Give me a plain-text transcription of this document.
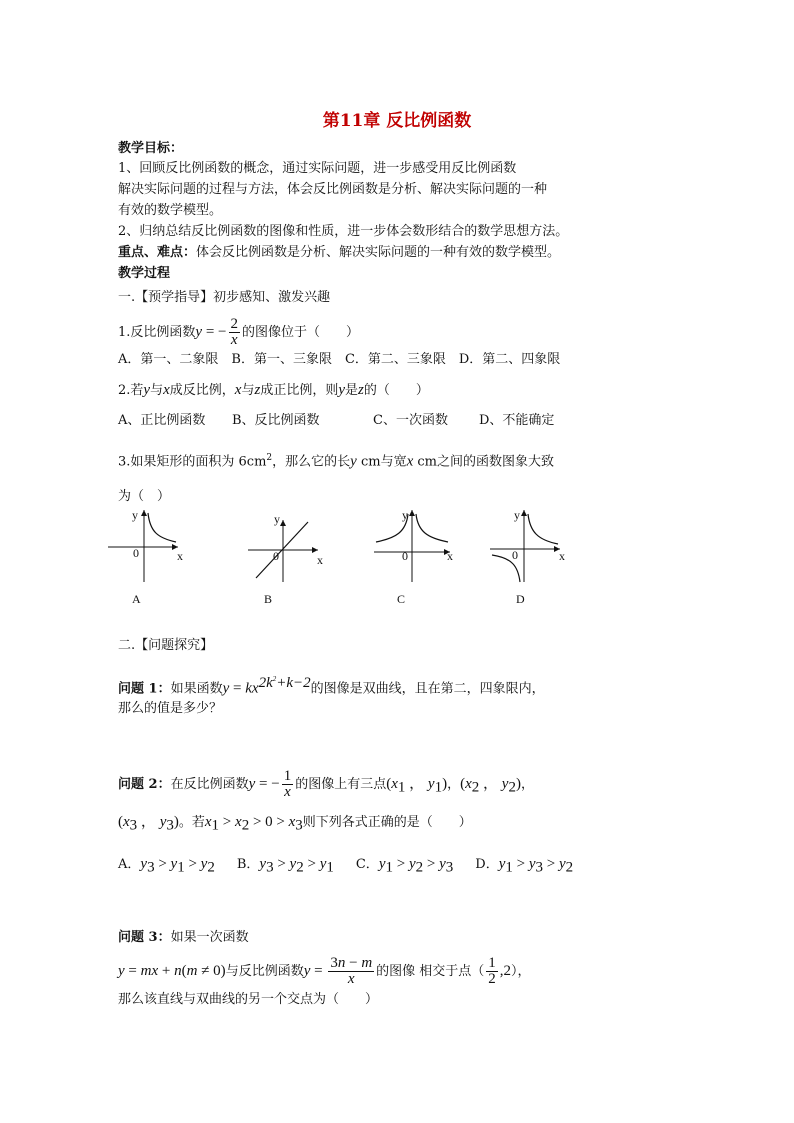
第11章 反比例函数
教学目标：
1、回顾反比例函数的概念，通过实际问题，进一步感受用反比例函数
解决实际问题的过程与方法，体会反比例函数是分析、解决实际问题的一种
有效的数学模型。
2、归纳总结反比例函数的图像和性质，进一步体会数形结合的数学思想方法。
重点、难点：体会反比例函数是分析、解决实际问题的一种有效的数学模型。
教学过程
一.【预学指导】初步感知、激发兴趣
1.反比例函数y = − $\frac{2}{x}$ 的图像位于（　　）
A．第一、二象限　B．第一、三象限　C．第二、三象限　D．第二、四象限
2.若y与x成反比例，x与z成正比例，则y是z的（　　）
A、正比例函数 B、反比例函数	C、一次函数 D、不能确定
3.如果矩形的面积为 $6cm^2$，那么它的长y cm与宽x cm之间的函数图象大致
为（　）
y
0	x
A
y
0	x
B
y
0	x
C
y
0	x
D
二.【问题探究】
问题 1：如果函数$y = kx^{2k^2+k-2}$的图像是双曲线，且在第二，四象限内，
那么的值是多少？
问题 2：在反比例函数y = − $\frac{1}{x}$ 的图像上有三点($x_1$ ， $y_1$)，($x_2$ ， $y_2$)，
($x_3$ ， $y_3$)。若$x_1 > x_2 > 0 > x_3$则下列各式正确的是（　　）
A．$y_3 > y_1 > y_2$ B．$y_3 > y_2 > y_1$ C．$y_1 > y_2 > y_3$ D．$y_1 > y_3 > y_2$
问题 3：如果一次函数
y = mx + n(m ≠ 0)与反比例函数$y = \frac{3n - m}{x}$ 的图像 相交于点（ $\frac{1}{2} ,2$），
那么该直线与双曲线的另一个交点为（　　）
